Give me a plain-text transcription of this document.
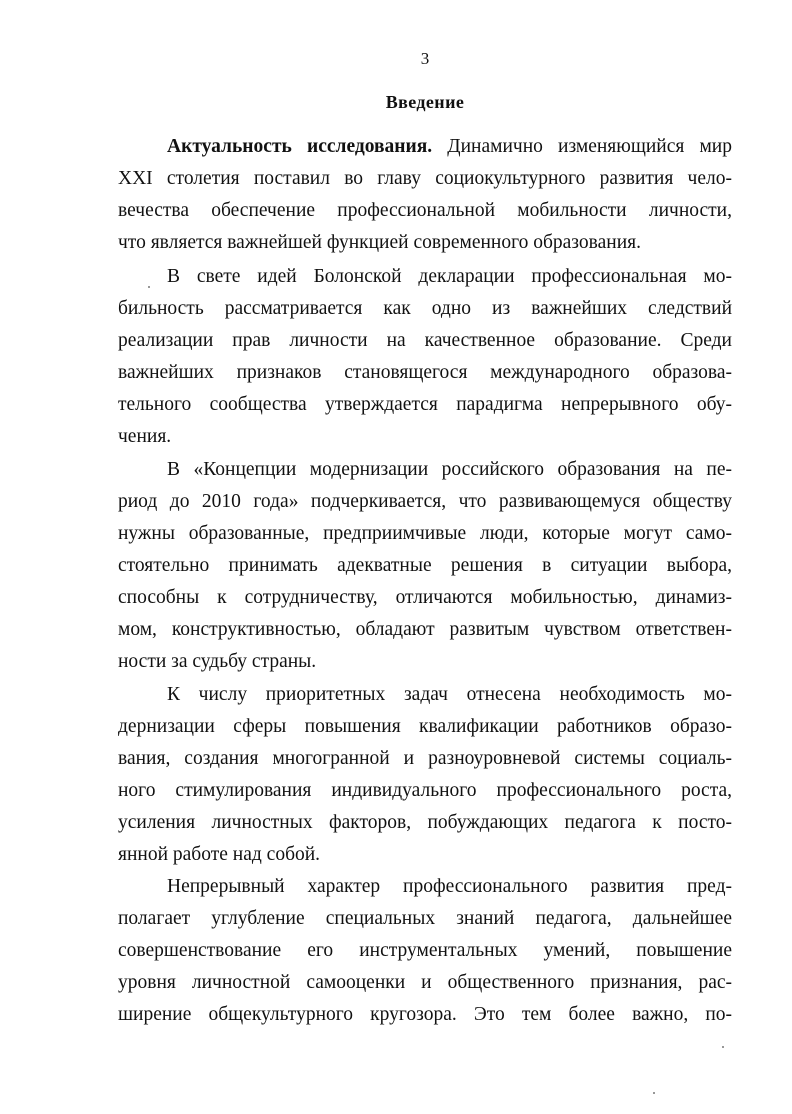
3
Введение
Актуальность исследования. Динамично изменяющийся мир
XXI столетия поставил во главу социокультурного развития чело-
вечества обеспечение профессиональной мобильности личности,
что является важнейшей функцией современного образования.
В свете идей Болонской декларации профессиональная мо-
бильность рассматривается как одно из важнейших следствий
реализации прав личности на качественное образование. Среди
важнейших признаков становящегося международного образова-
тельного сообщества утверждается парадигма непрерывного обу-
чения.
В «Концепции модернизации российского образования на пе-
риод до 2010 года» подчеркивается, что развивающемуся обществу
нужны образованные, предприимчивые люди, которые могут само-
стоятельно принимать адекватные решения в ситуации выбора,
способны к сотрудничеству, отличаются мобильностью, динамиз-
мом, конструктивностью, обладают развитым чувством ответствен-
ности за судьбу страны.
К числу приоритетных задач отнесена необходимость мо-
дернизации сферы повышения квалификации работников образо-
вания, создания многогранной и разноуровневой системы социаль-
ного стимулирования индивидуального профессионального роста,
усиления личностных факторов, побуждающих педагога к посто-
янной работе над собой.
Непрерывный характер профессионального развития пред-
полагает углубление специальных знаний педагога, дальнейшее
совершенствование его инструментальных умений, повышение
уровня личностной самооценки и общественного признания, рас-
ширение общекультурного кругозора. Это тем более важно, по-
